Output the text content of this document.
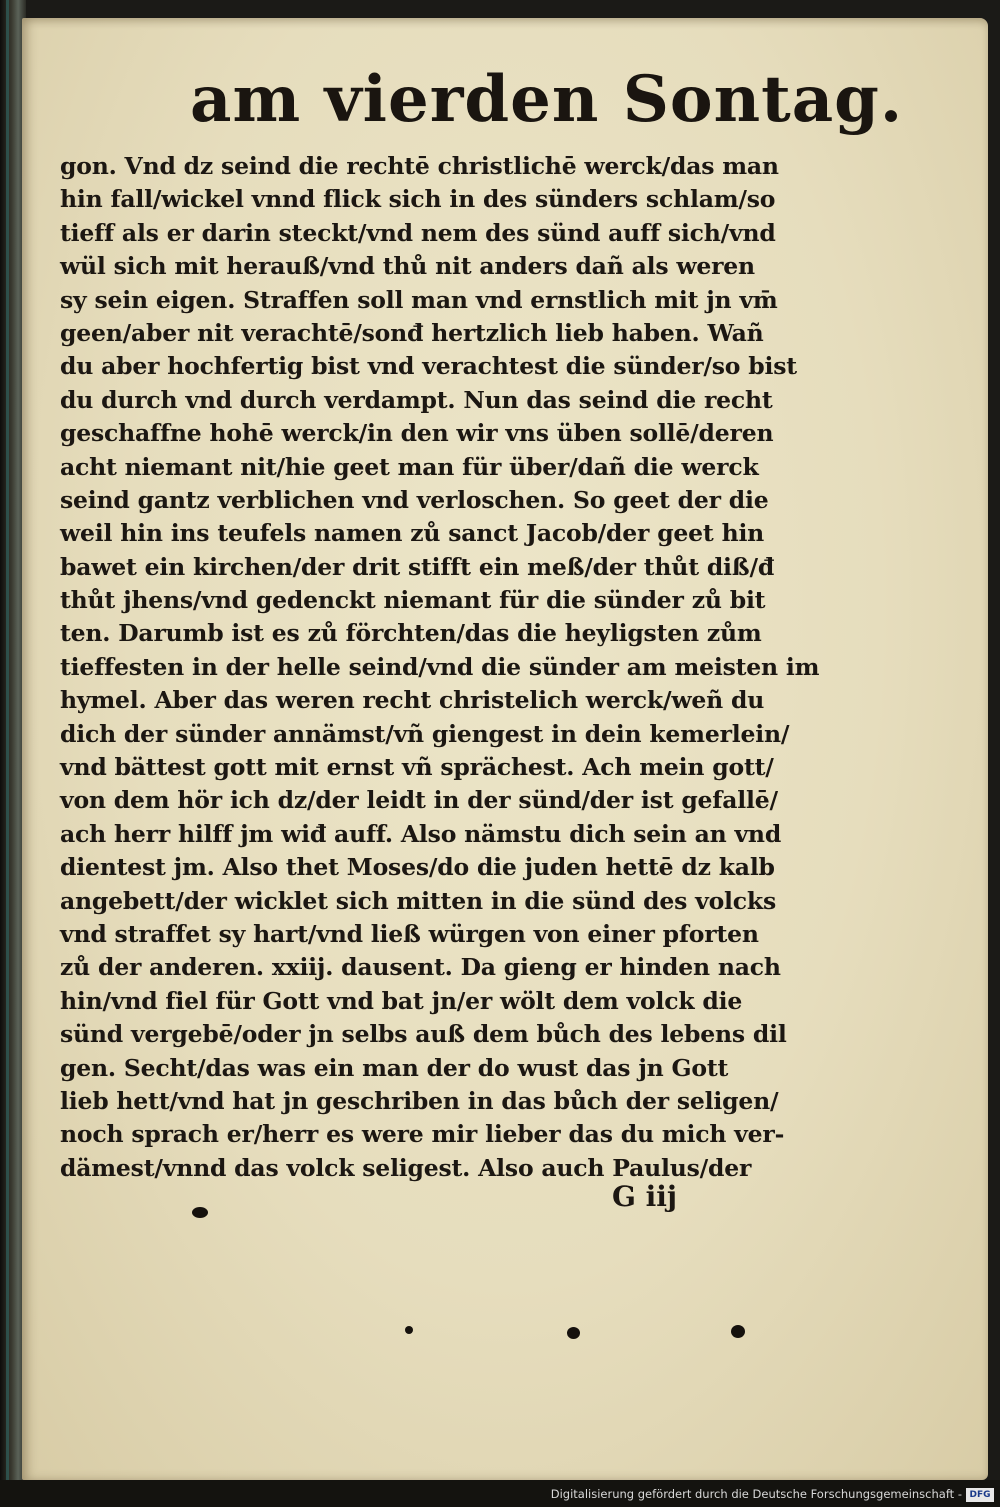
am vierden Sontag.
gon. Vnd dz seind die rechtē christlichē werck/das man
hin fall/wickel vnnd flick sich in des sünders schlam/so
tieff als er darin steckt/vnd nem des sünd auff sich/vnd
wül sich mit herauß/vnd thů nit anders dañ als weren
sy sein eigen. Straffen soll man vnd ernstlich mit jn vm̄
geen/aber nit verachtē/sonđ hertzlich lieb haben. Wañ
du aber hochfertig bist vnd verachtest die sünder/so bist
du durch vnd durch verdampt. Nun das seind die recht
geschaffne hohē werck/in den wir vns üben sollē/deren
acht niemant nit/hie geet man für über/dañ die werck
seind gantz verblichen vnd verloschen. So geet der die
weil hin ins teufels namen zů sanct Jacob/der geet hin
bawet ein kirchen/der drit stifft ein meß/der thůt diß/đ
thůt jhens/vnd gedenckt niemant für die sünder zů bit
ten. Darumb ist es zů förchten/das die heyligsten zům
tieffesten in der helle seind/vnd die sünder am meisten im
hymel. Aber das weren recht christelich werck/weñ du
dich der sünder annämst/vñ giengest in dein kemerlein/
vnd bättest gott mit ernst vñ sprächest. Ach mein gott/
von dem hör ich dz/der leidt in der sünd/der ist gefallē/
ach herr hilff jm wiđ auff. Also nämstu dich sein an vnd
dientest jm. Also thet Moses/do die juden hettē dz kalb
angebett/der wicklet sich mitten in die sünd des volcks
vnd straffet sy hart/vnd ließ würgen von einer pforten
zů der anderen. xxiij. dausent. Da gieng er hinden nach
hin/vnd fiel für Gott vnd bat jn/er wölt dem volck die
sünd vergebē/oder jn selbs auß dem bůch des lebens dil
gen. Secht/das was ein man der do wust das jn Gott
lieb hett/vnd hat jn geschriben in das bůch der seligen/
noch sprach er/herr es were mir lieber das du mich ver-
dämest/vnnd das volck seligest. Also auch Paulus/der
G iij
Digitalisierung gefördert durch die Deutsche Forschungsgemeinschaft - DFG
